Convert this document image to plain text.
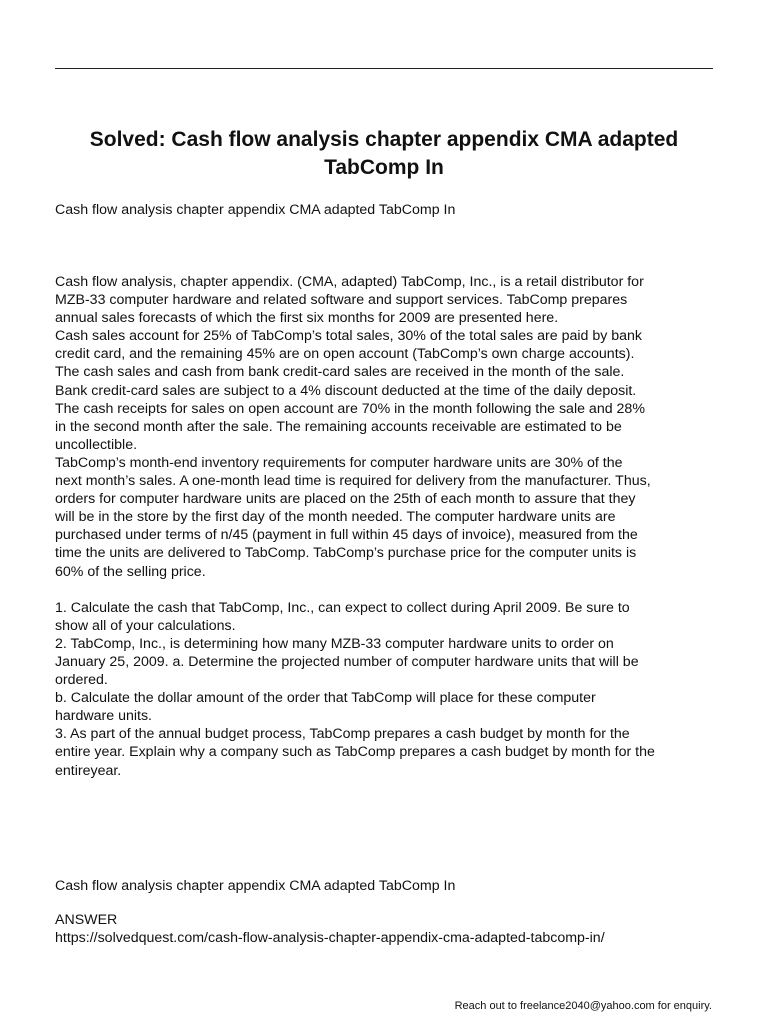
Solved: Cash flow analysis chapter appendix CMA adapted TabComp In

Cash flow analysis chapter appendix CMA adapted TabComp In

Cash flow analysis, chapter appendix. (CMA, adapted) TabComp, Inc., is a retail distributor for
MZB-33 computer hardware and related software and support services. TabComp prepares
annual sales forecasts of which the first six months for 2009 are presented here.
Cash sales account for 25% of TabComp’s total sales, 30% of the total sales are paid by bank
credit card, and the remaining 45% are on open account (TabComp’s own charge accounts).
The cash sales and cash from bank credit-card sales are received in the month of the sale.
Bank credit-card sales are subject to a 4% discount deducted at the time of the daily deposit.
The cash receipts for sales on open account are 70% in the month following the sale and 28%
in the second month after the sale. The remaining accounts receivable are estimated to be
uncollectible.
TabComp’s month-end inventory requirements for computer hardware units are 30% of the
next month’s sales. A one-month lead time is required for delivery from the manufacturer. Thus,
orders for computer hardware units are placed on the 25th of each month to assure that they
will be in the store by the first day of the month needed. The computer hardware units are
purchased under terms of n/45 (payment in full within 45 days of invoice), measured from the
time the units are delivered to TabComp. TabComp’s purchase price for the computer units is
60% of the selling price.

1. Calculate the cash that TabComp, Inc., can expect to collect during April 2009. Be sure to
show all of your calculations.
2. TabComp, Inc., is determining how many MZB-33 computer hardware units to order on
January 25, 2009. a. Determine the projected number of computer hardware units that will be
ordered.
b. Calculate the dollar amount of the order that TabComp will place for these computer
hardware units.
3. As part of the annual budget process, TabComp prepares a cash budget by month for the
entire year. Explain why a company such as TabComp prepares a cash budget by month for the
entireyear.

Cash flow analysis chapter appendix CMA adapted TabComp In

ANSWER

https://solvedquest.com/cash-flow-analysis-chapter-appendix-cma-adapted-tabcomp-in/

Reach out to freelance2040@yahoo.com for enquiry.
